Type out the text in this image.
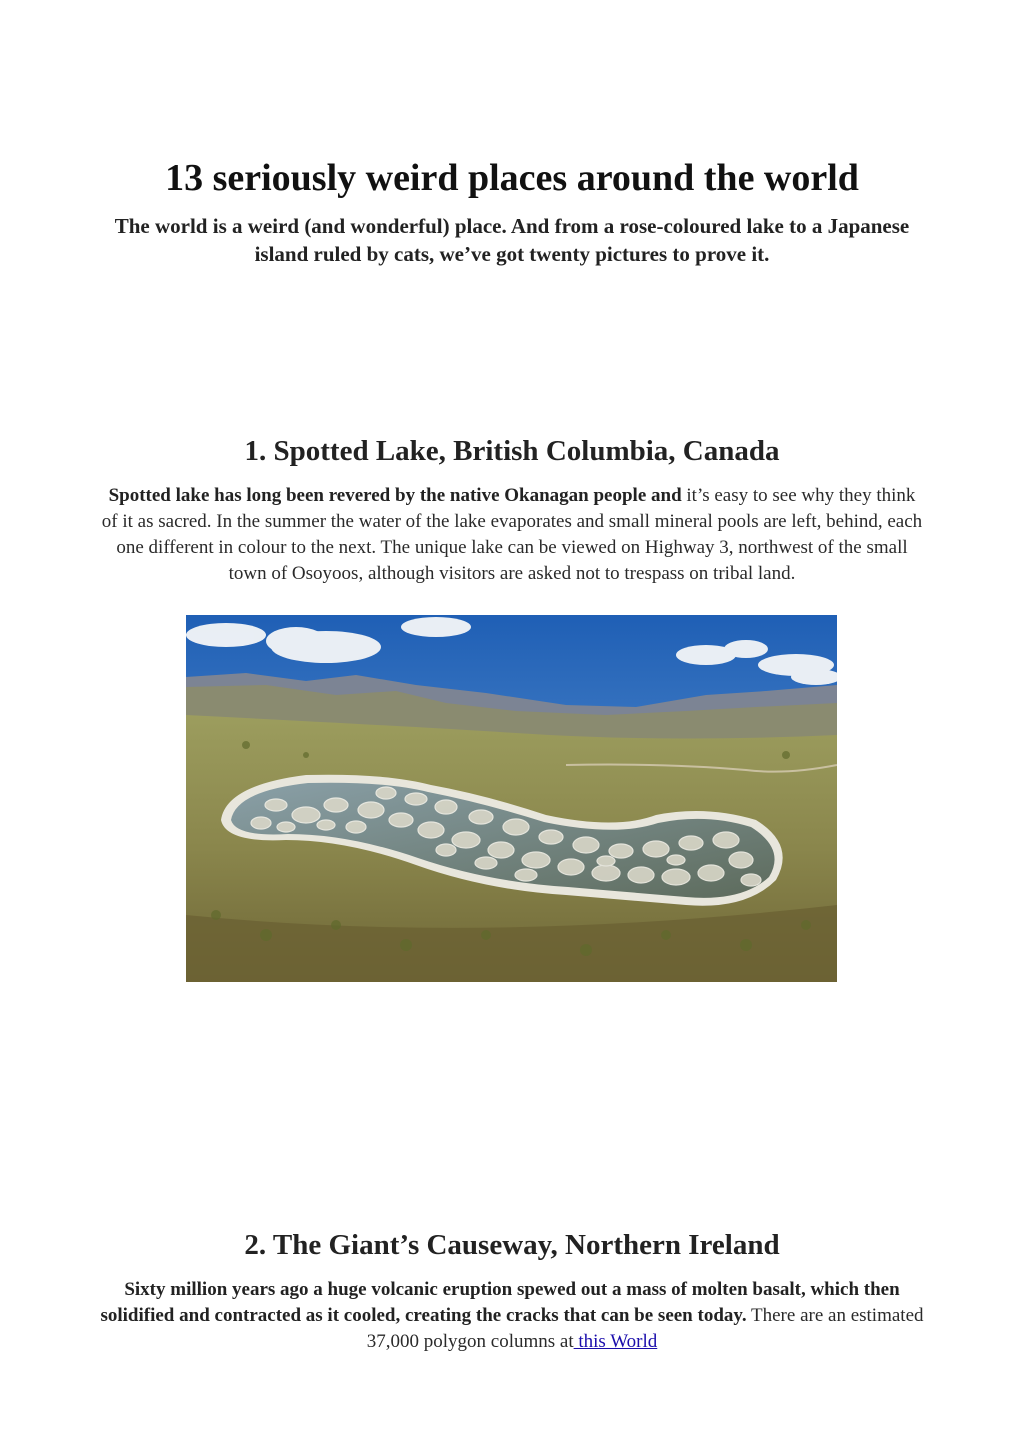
13 seriously weird places around the world

The world is a weird (and wonderful) place. And from a rose-coloured lake to a Japanese island ruled by cats, we’ve got twenty pictures to prove it.

1. Spotted Lake, British Columbia, Canada

Spotted lake has long been revered by the native Okanagan people and it’s easy to see why they think of it as sacred. In the summer the water of the lake evaporates and small mineral pools are left, behind, each one different in colour to the next. The unique lake can be viewed on Highway 3, northwest of the small town of Osoyoos, although visitors are asked not to trespass on tribal land.

2. The Giant’s Causeway, Northern Ireland

Sixty million years ago a huge volcanic eruption spewed out a mass of molten basalt, which then solidified and contracted as it cooled, creating the cracks that can be seen today. There are an estimated 37,000 polygon columns at this World
